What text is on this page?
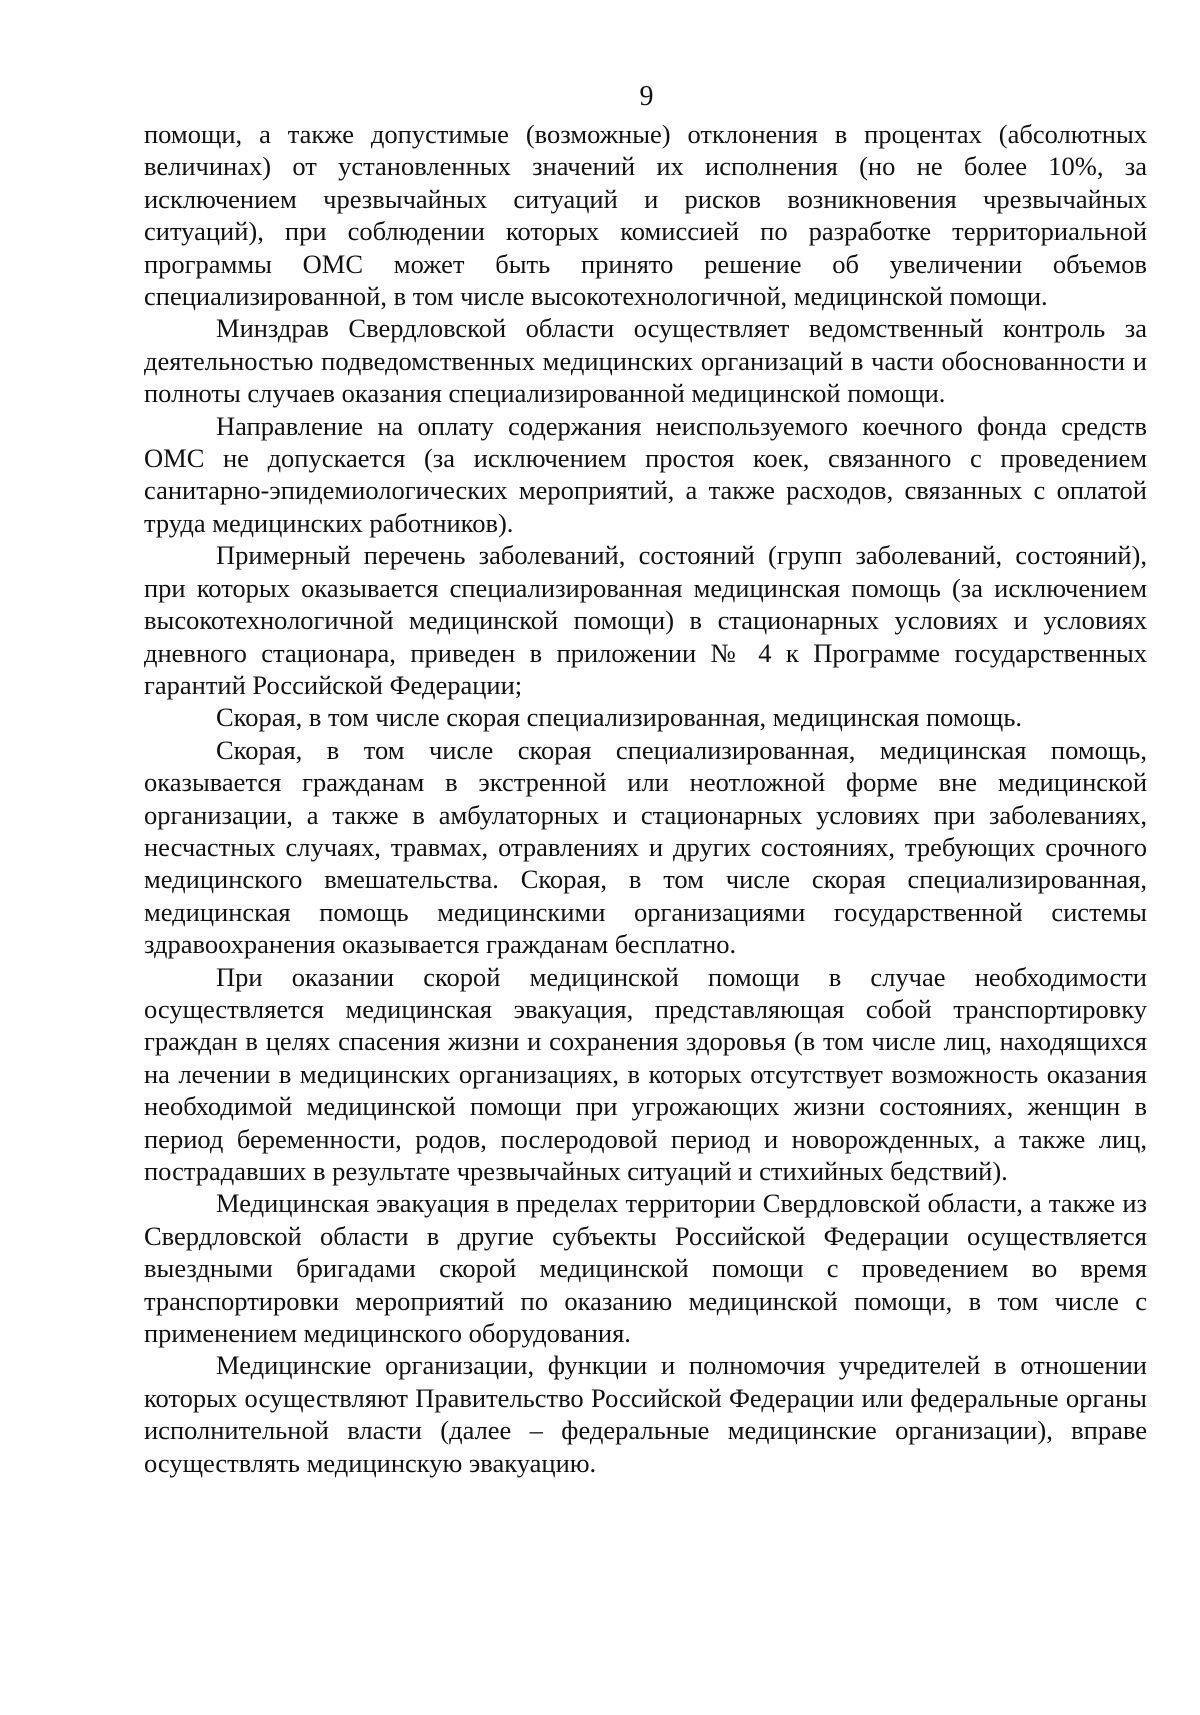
9

помощи, а также допустимые (возможные) отклонения в процентах (абсолютных величинах) от установленных значений их исполнения (но не более 10%, за исключением чрезвычайных ситуаций и рисков возникновения чрезвычайных ситуаций), при соблюдении которых комиссией по разработке территориальной программы ОМС может быть принято решение об увеличении объемов специализированной, в том числе высокотехнологичной, медицинской помощи.

Минздрав Свердловской области осуществляет ведомственный контроль за деятельностью подведомственных медицинских организаций в части обоснованности и полноты случаев оказания специализированной медицинской помощи.

Направление на оплату содержания неиспользуемого коечного фонда средств ОМС не допускается (за исключением простоя коек, связанного с проведением санитарно-эпидемиологических мероприятий, а также расходов, связанных с оплатой труда медицинских работников).

Примерный перечень заболеваний, состояний (групп заболеваний, состояний), при которых оказывается специализированная медицинская помощь (за исключением высокотехнологичной медицинской помощи) в стационарных условиях и условиях дневного стационара, приведен в приложении № 4 к Программе государственных гарантий Российской Федерации;

Скорая, в том числе скорая специализированная, медицинская помощь.

Скорая, в том числе скорая специализированная, медицинская помощь, оказывается гражданам в экстренной или неотложной форме вне медицинской организации, а также в амбулаторных и стационарных условиях при заболеваниях, несчастных случаях, травмах, отравлениях и других состояниях, требующих срочного медицинского вмешательства. Скорая, в том числе скорая специализированная, медицинская помощь медицинскими организациями государственной системы здравоохранения оказывается гражданам бесплатно.

При оказании скорой медицинской помощи в случае необходимости осуществляется медицинская эвакуация, представляющая собой транспортировку граждан в целях спасения жизни и сохранения здоровья (в том числе лиц, находящихся на лечении в медицинских организациях, в которых отсутствует возможность оказания необходимой медицинской помощи при угрожающих жизни состояниях, женщин в период беременности, родов, послеродовой период и новорожденных, а также лиц, пострадавших в результате чрезвычайных ситуаций и стихийных бедствий).

Медицинская эвакуация в пределах территории Свердловской области, а также из Свердловской области в другие субъекты Российской Федерации осуществляется выездными бригадами скорой медицинской помощи с проведением во время транспортировки мероприятий по оказанию медицинской помощи, в том числе с применением медицинского оборудования.

Медицинские организации, функции и полномочия учредителей в отношении которых осуществляют Правительство Российской Федерации или федеральные органы исполнительной власти (далее – федеральные медицинские организации), вправе осуществлять медицинскую эвакуацию.
